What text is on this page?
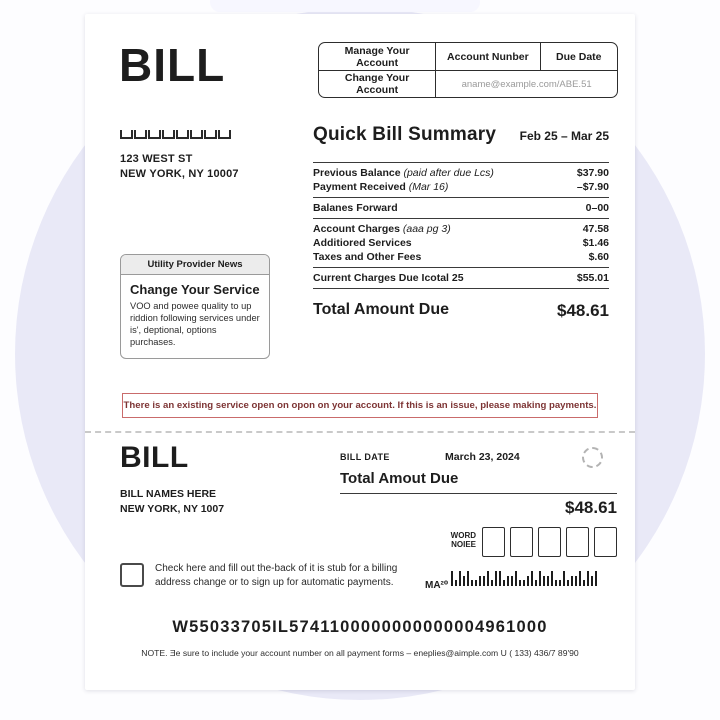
BILL	Manage Your Account	Account Nunber	Due Date
Change Your Account	aname@example.com/ABE.51
123 WEST ST
NEW YORK, NY 10007
Utility Provider News
Change Your Service
VOO and powee quality to up riddion following services under is', deptional, options purchases.
Quick Bill Summary Feb 25 – Mar 25
Previous Balance (paid after due Lcs)	$37.90
Payment Received (Mar 16)	–$7.90
Balanes Forward	0–00
Account Charges (aaa pg 3)	47.58
Additiored Services	$1.46
Taxes and Other Fees	$.60
Current Charges Due Icotal 25	$55.01
Total Amount Due	$48.61
There is an existing service open on opon on your account. If this is an issue, please making payments.
BILL
BILL NAMES HERE
NEW YORK, NY 1007
BILL DATE	March 23, 2024
Total Amout Due
$48.61
WORD
NOIEE
MA²⁰
Check here and fill out the-back of it is stub for a billing address change or to sign up for automatic payments.
W55033705IL5741100000000000004961000
NOTE. Ǝe sure to include your account number on all payment forms – eneplies@aimple.com U ( 133) 436/7 89'90
